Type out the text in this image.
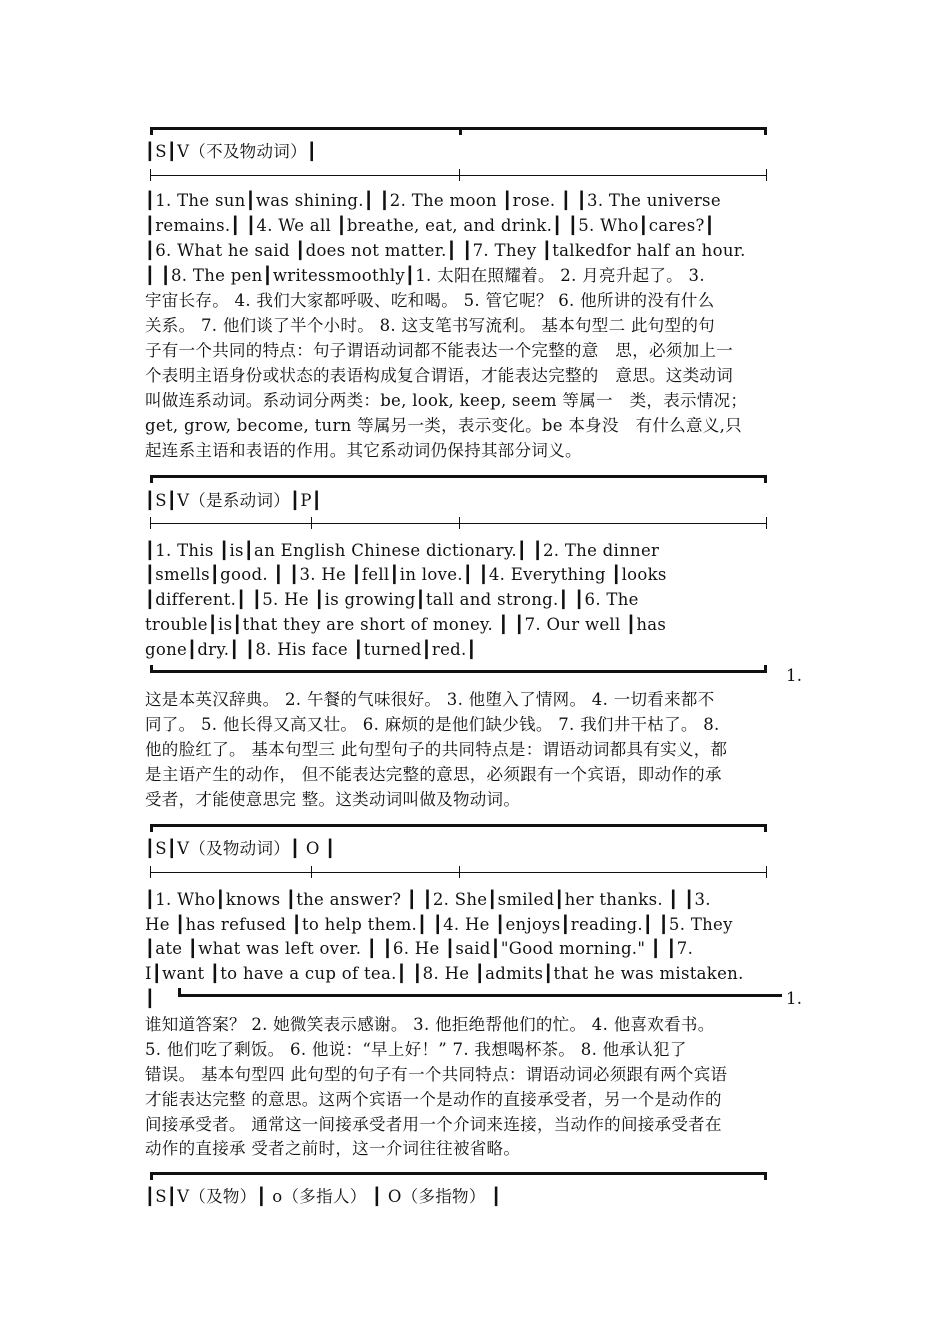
┃S┃V（不及物动词）┃
┃1. The sun┃was shining.┃ ┃2. The moon ┃rose. ┃ ┃3. The universe
┃remains.┃ ┃4. We all ┃breathe, eat, and drink.┃ ┃5. Who┃cares?┃
┃6. What he said ┃does not matter.┃ ┃7. They ┃talkedfor half an hour.
┃ ┃8. The pen┃writessmoothly┃1. 太阳在照耀着。 2. 月亮升起了。 3.
宇宙长存。 4. 我们大家都呼吸、吃和喝。 5. 管它呢？ 6. 他所讲的没有什么
关系。 7. 他们谈了半个小时。 8. 这支笔书写流利。 基本句型二 此句型的句
子有一个共同的特点：句子谓语动词都不能表达一个完整的意　思，必须加上一
个表明主语身份或状态的表语构成复合谓语，才能表达完整的　意思。这类动词
叫做连系动词。系动词分两类：be, look, keep, seem 等属一　类，表示情况；
get, grow, become, turn 等属另一类，表示变化。be 本身没　有什么意义,只
起连系主语和表语的作用。其它系动词仍保持其部分词义。
┃S┃V（是系动词）┃P┃
┃1. This ┃is┃an English Chinese dictionary.┃ ┃2. The dinner
┃smells┃good. ┃ ┃3. He ┃fell┃in love.┃ ┃4. Everything ┃looks
┃different.┃ ┃5. He ┃is growing┃tall and strong.┃ ┃6. The
trouble┃is┃that they are short of money. ┃ ┃7. Our well ┃has
gone┃dry.┃ ┃8. His face ┃turned┃red.┃
1.
这是本英汉辞典。 2. 午餐的气味很好。 3. 他堕入了情网。 4. 一切看来都不
同了。 5. 他长得又高又壮。 6. 麻烦的是他们缺少钱。 7. 我们井干枯了。 8.
他的脸红了。 基本句型三 此句型句子的共同特点是：谓语动词都具有实义，都
是主语产生的动作， 但不能表达完整的意思，必须跟有一个宾语，即动作的承
受者，才能使意思完 整。这类动词叫做及物动词。
┃S┃V（及物动词）┃ O ┃
┃1. Who┃knows ┃the answer? ┃ ┃2. She┃smiled┃her thanks. ┃ ┃3.
He ┃has refused ┃to help them.┃ ┃4. He ┃enjoys┃reading.┃ ┃5. They
┃ate ┃what was left over. ┃ ┃6. He ┃said┃"Good morning." ┃ ┃7.
I┃want ┃to have a cup of tea.┃ ┃8. He ┃admits┃that he was mistaken.
┃	1.
谁知道答案？ 2. 她微笑表示感谢。 3. 他拒绝帮他们的忙。 4. 他喜欢看书。
5. 他们吃了剩饭。 6. 他说：“早上好！” 7. 我想喝杯茶。 8. 他承认犯了
错误。 基本句型四 此句型的句子有一个共同特点：谓语动词必须跟有两个宾语
才能表达完整 的意思。这两个宾语一个是动作的直接承受者，另一个是动作的
间接承受者。 通常这一间接承受者用一个介词来连接，当动作的间接承受者在
动作的直接承 受者之前时，这一介词往往被省略。
┃S┃V（及物）┃ o（多指人） ┃ O（多指物） ┃
